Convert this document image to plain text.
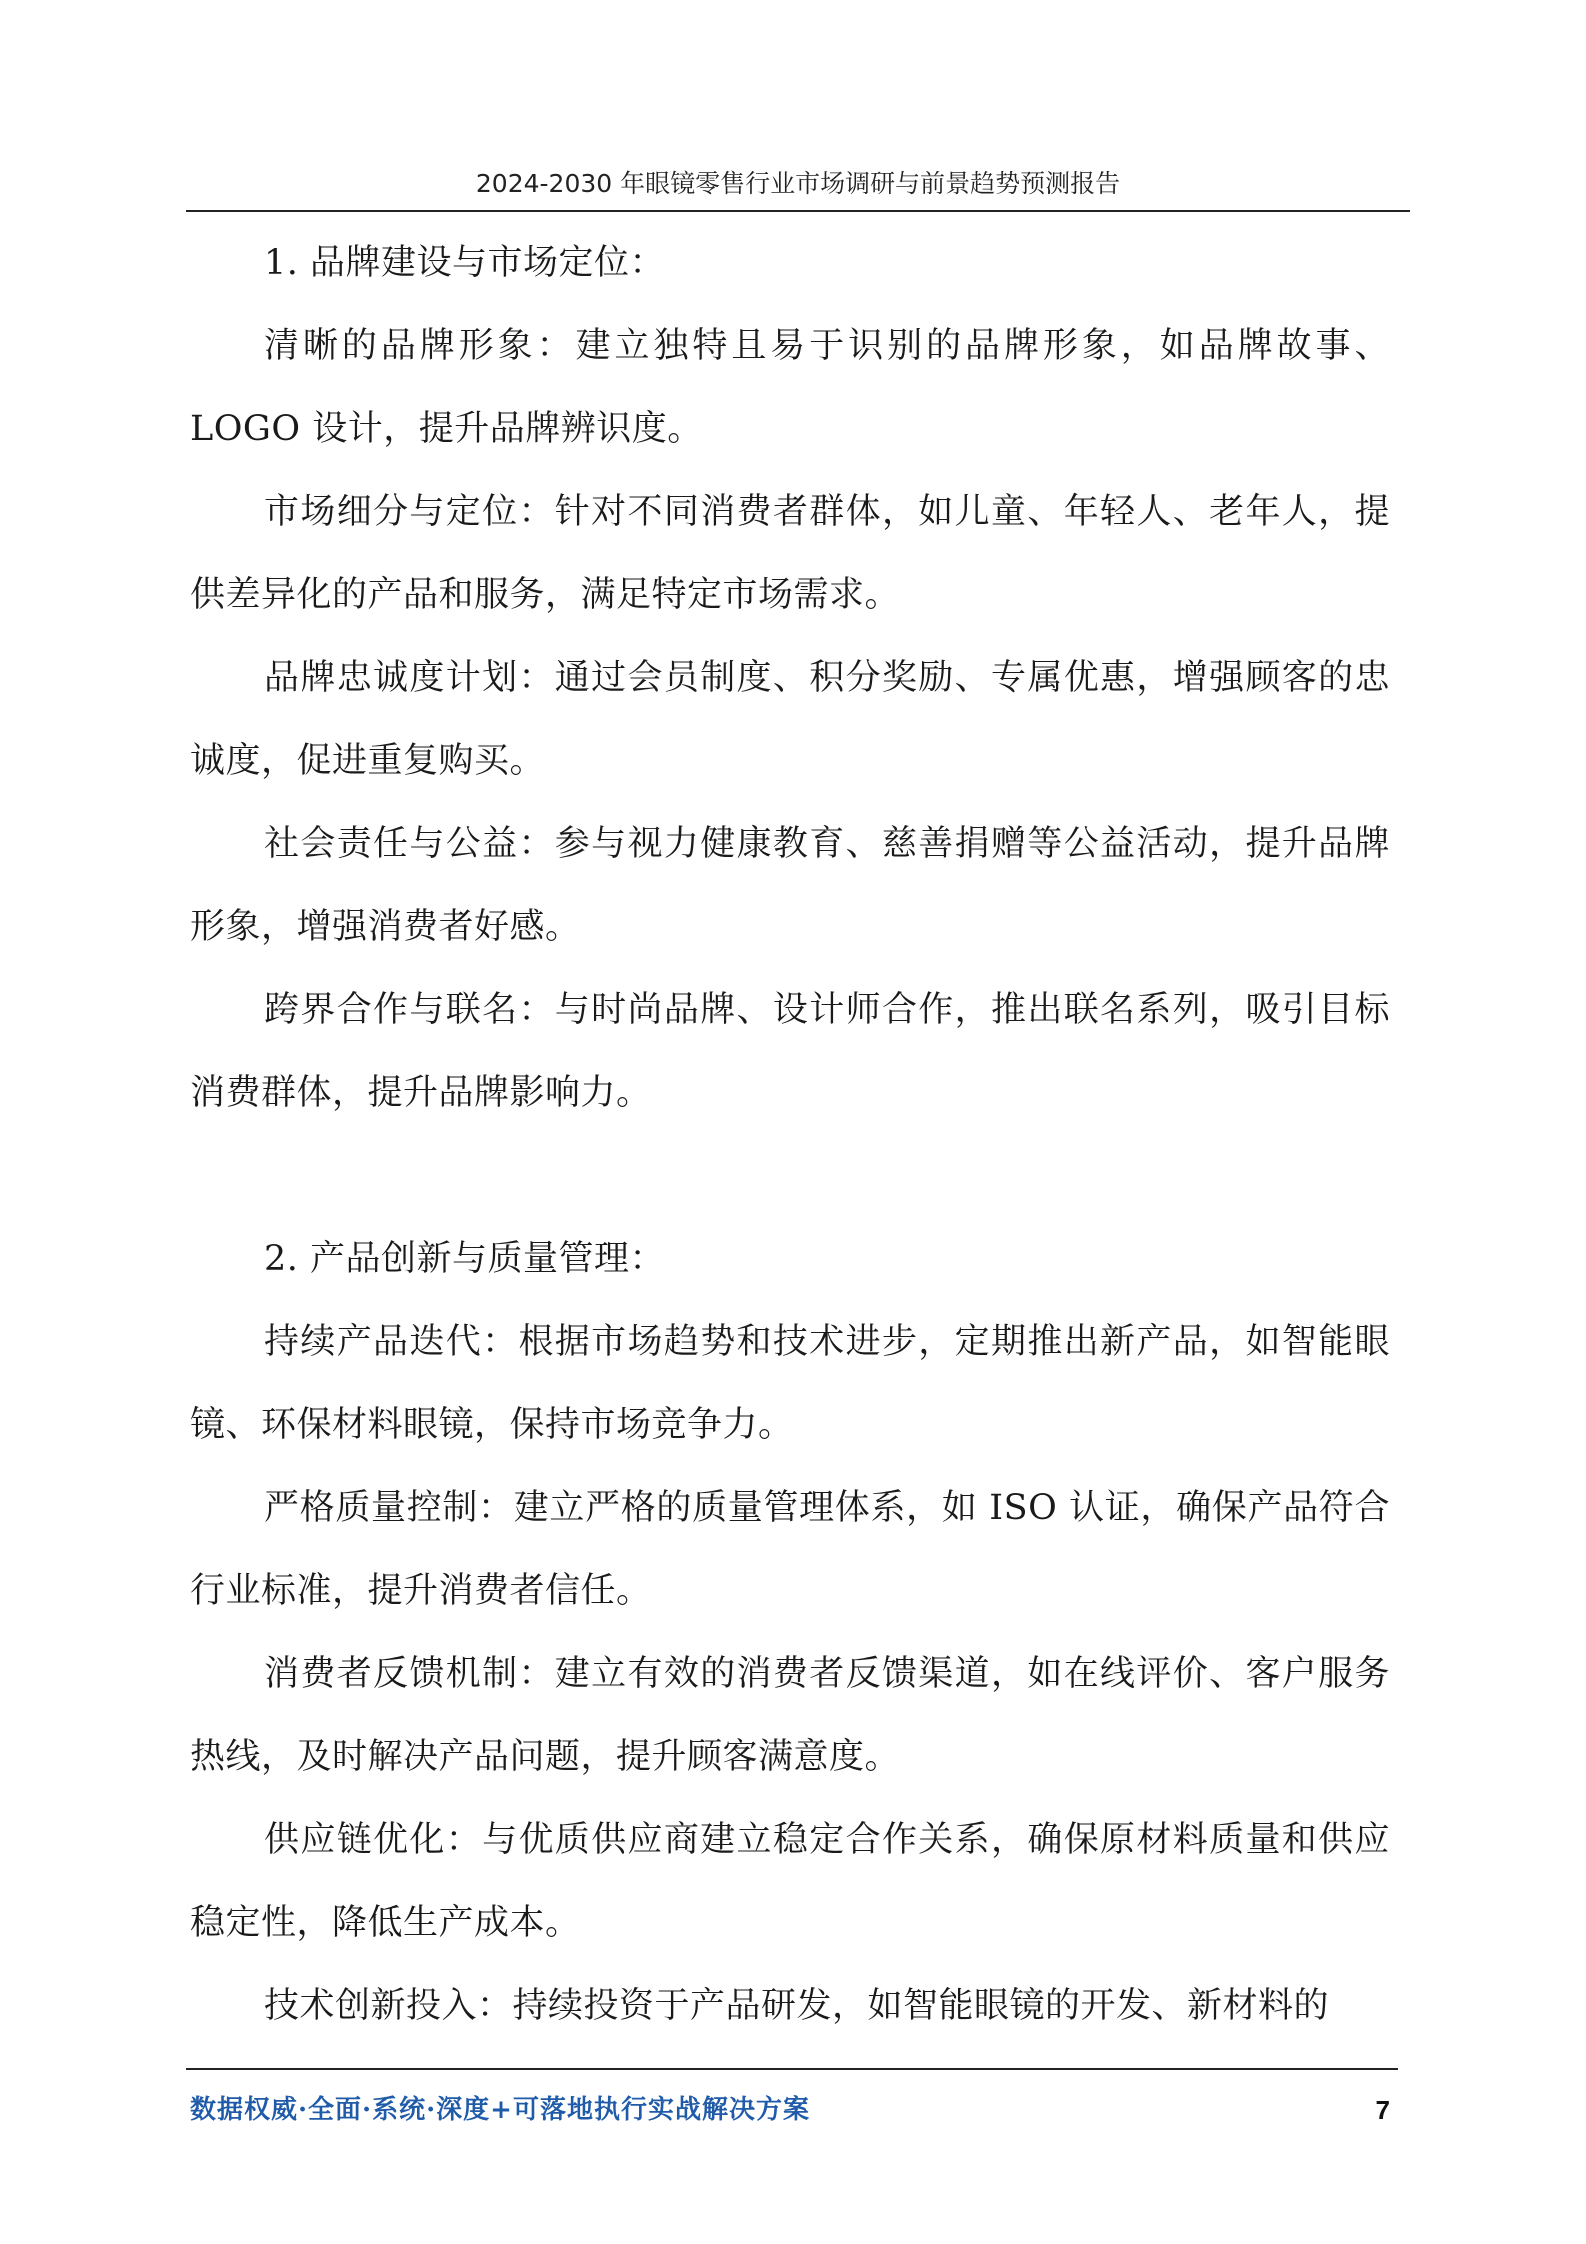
2024-2030 年眼镜零售行业市场调研与前景趋势预测报告

1. 品牌建设与市场定位：

清晰的品牌形象：建立独特且易于识别的品牌形象，如品牌故事、LOGO 设计，提升品牌辨识度。

市场细分与定位：针对不同消费者群体，如儿童、年轻人、老年人，提供差异化的产品和服务，满足特定市场需求。

品牌忠诚度计划：通过会员制度、积分奖励、专属优惠，增强顾客的忠诚度，促进重复购买。

社会责任与公益：参与视力健康教育、慈善捐赠等公益活动，提升品牌形象，增强消费者好感。

跨界合作与联名：与时尚品牌、设计师合作，推出联名系列，吸引目标消费群体，提升品牌影响力。

2. 产品创新与质量管理：

持续产品迭代：根据市场趋势和技术进步，定期推出新产品，如智能眼镜、环保材料眼镜，保持市场竞争力。

严格质量控制：建立严格的质量管理体系，如 ISO 认证，确保产品符合行业标准，提升消费者信任。

消费者反馈机制：建立有效的消费者反馈渠道，如在线评价、客户服务热线，及时解决产品问题，提升顾客满意度。

供应链优化：与优质供应商建立稳定合作关系，确保原材料质量和供应稳定性，降低生产成本。

技术创新投入：持续投资于产品研发，如智能眼镜的开发、新材料的

数据权威·全面·系统·深度+可落地执行实战解决方案	7
